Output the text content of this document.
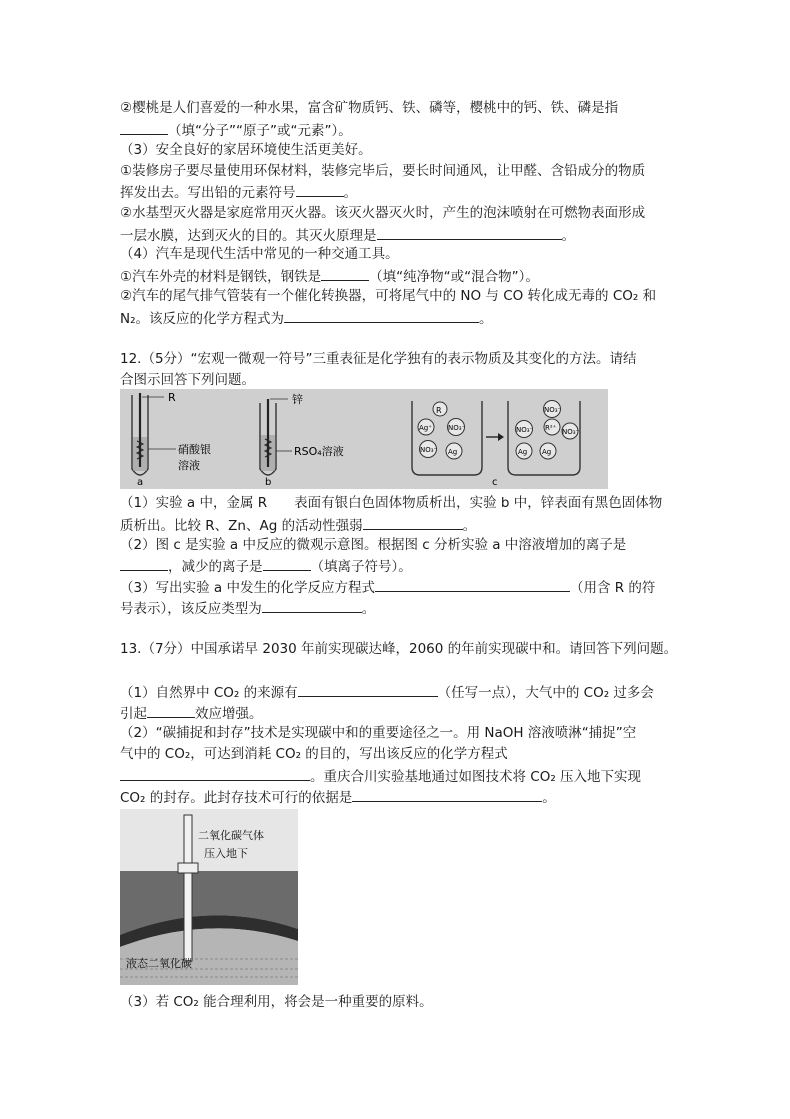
②樱桃是人们喜爱的一种水果，富含矿物质钙、铁、磷等，樱桃中的钙、铁、磷是指
（填“分子”“原子”或“元素”）。
（3）安全良好的家居环境使生活更美好。
①装修房子要尽量使用环保材料，装修完毕后，要长时间通风，让甲醛、含铅成分的物质
挥发出去。写出铅的元素符号	。
②水基型灭火器是家庭常用灭火器。该灭火器灭火时，产生的泡沫喷射在可燃物表面形成
一层水膜，达到灭火的目的。其灭火原理是	。
（4）汽车是现代生活中常见的一种交通工具。
①汽车外壳的材料是钢铁，钢铁是	（填“纯净物“或“混合物”）。
②汽车的尾气排气管装有一个催化转换器，可将尾气中的 NO 与 CO 转化成无毒的 CO₂ 和
N₂。该反应的化学方程式为	。
12.（5分）“宏观一微观一符号”三重表征是化学独有的表示物质及其变化的方法。请结
合图示回答下列问题。
R
硝酸银
溶液
a
锌
RSO₄溶液
b
R
Ag⁺ NO₃⁻
NO₃⁻ Ag
NO₃⁻
NO₃⁻ R²⁺ NO₃⁻
Ag Ag
c
（1）实验 a 中，金属 R　　表面有银白色固体物质析出，实验 b 中，锌表面有黑色固体物
质析出。比较 R、Zn、Ag 的活动性强弱	。
（2）图 c 是实验 a 中反应的微观示意图。根据图 c 分析实验 a 中溶液增加的离子是
，减少的离子是	（填离子符号）。
（3）写出实验 a 中发生的化学反应方程式	（用含 R 的符
号表示），该反应类型为	。
13.（7分）中国承诺早 2030 年前实现碳达峰，2060 的年前实现碳中和。请回答下列问题。
（1）自然界中 CO₂ 的来源有	（任写一点），大气中的 CO₂ 过多会
引起	效应增强。
（2）“碳捕捉和封存”技术是实现碳中和的重要途径之一。用 NaOH 溶液喷淋“捕捉”空
气中的 CO₂，可达到消耗 CO₂ 的目的，写出该反应的化学方程式
。重庆合川实验基地通过如图技术将 CO₂ 压入地下实现
CO₂ 的封存。此封存技术可行的依据是	。
二氧化碳气体
压入地下
液态二氧化碳
（3）若 CO₂ 能合理利用，将会是一种重要的原料。
